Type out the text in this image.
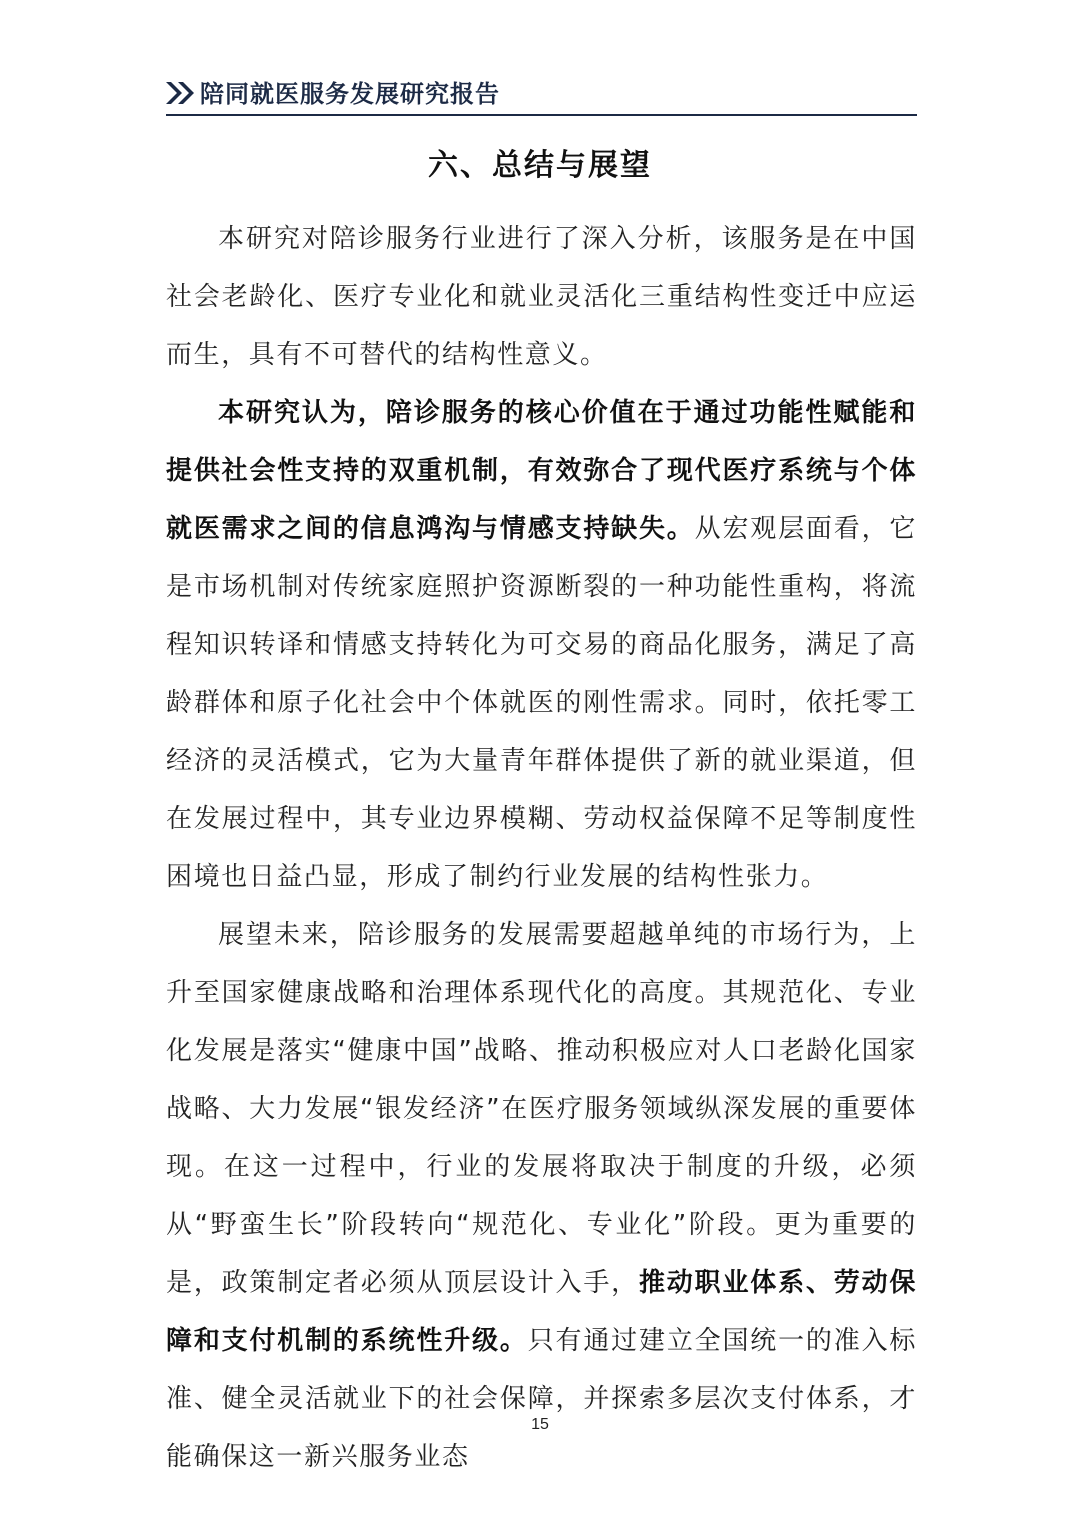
陪同就医服务发展研究报告
六、总结与展望

本研究对陪诊服务行业进行了深入分析，该服务是在中国社会老龄化、医疗专业化和就业灵活化三重结构性变迁中应运而生，具有不可替代的结构性意义。

本研究认为，陪诊服务的核心价值在于通过功能性赋能和提供社会性支持的双重机制，有效弥合了现代医疗系统与个体就医需求之间的信息鸿沟与情感支持缺失。从宏观层面看，它是市场机制对传统家庭照护资源断裂的一种功能性重构，将流程知识转译和情感支持转化为可交易的商品化服务，满足了高龄群体和原子化社会中个体就医的刚性需求。同时，依托零工经济的灵活模式，它为大量青年群体提供了新的就业渠道，但在发展过程中，其专业边界模糊、劳动权益保障不足等制度性困境也日益凸显，形成了制约行业发展的结构性张力。

展望未来，陪诊服务的发展需要超越单纯的市场行为，上升至国家健康战略和治理体系现代化的高度。其规范化、专业化发展是落实“健康中国”战略、推动积极应对人口老龄化国家战略、大力发展“银发经济”在医疗服务领域纵深发展的重要体现。在这一过程中，行业的发展将取决于制度的升级，必须从“野蛮生长”阶段转向“规范化、专业化”阶段。更为重要的是，政策制定者必须从顶层设计入手，推动职业体系、劳动保障和支付机制的系统性升级。只有通过建立全国统一的准入标准、健全灵活就业下的社会保障，并探索多层次支付体系，才能确保这一新兴服务业态

15
